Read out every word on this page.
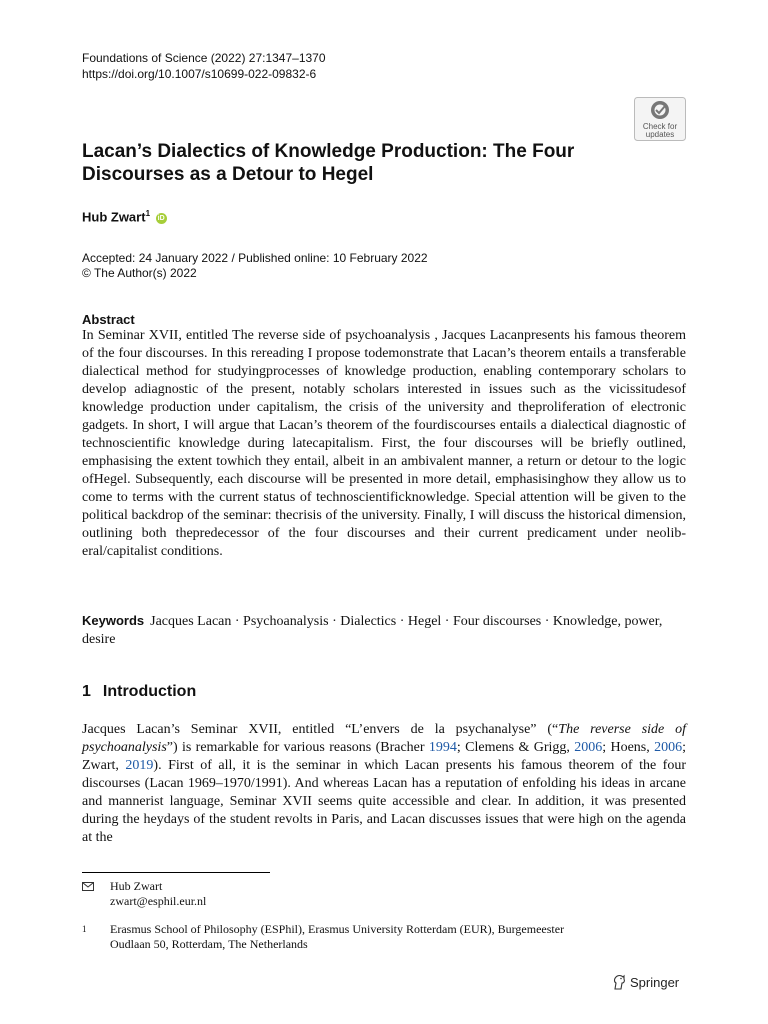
Foundations of Science (2022) 27:1347–1370
https://doi.org/10.1007/s10699-022-09832-6
Check for
updates
Lacan’s Dialectics of Knowledge Production: The Four
Discourses as a Detour to Hegel
Hub Zwart$^1$ iD
Accepted: 24 January 2022 / Published online: 10 February 2022
© The Author(s) 2022
Abstract

In Seminar XVII, entitled The reverse side of psychoanalysis , Jacques Lacanpresents his famous theorem of the four discourses. In this rereading I propose todemonstrate that Lacan’s theorem entails a transferable dialectical method for studyingprocesses of knowledge production, enabling contemporary scholars to develop adiagnostic of the present, notably scholars interested in issues such as the vicissitudesof knowledge production under capitalism, the crisis of the university and theproliferation of electronic gadgets. In short, I will argue that Lacan’s theorem of the fourdiscourses entails a dialectical diagnostic of technoscientific knowledge during latecapitalism. First, the four discourses will be briefly outlined, emphasising the extent towhich they entail, albeit in an ambivalent manner, a return or detour to the logic ofHegel. Subsequently, each discourse will be presented in more detail, emphasisinghow they allow us to come to terms with the current status of technoscientificknowledge. Special attention will be given to the political backdrop of the seminar: thecrisis of the university. Finally, I will discuss the historical dimension, outlining both thepredecessor of the four discourses and their current predicament under neoliberal/capitalist conditions.

Keywords Jacques Lacan · Psychoanalysis · Dialectics · Hegel · Four discourses · Knowledge, power, desire
1 Introduction

Jacques Lacan’s Seminar XVII, entitled “L’envers de la psychanalyse” (“The reverse side of psychoanalysis”) is remarkable for various reasons (Bracher 1994; Clemens & Grigg, 2006; Hoens, 2006; Zwart, 2019). First of all, it is the seminar in which Lacan presents his famous theorem of the four discourses (Lacan 1969–1970/1991). And whereas Lacan has a reputation of enfolding his ideas in arcane and mannerist language, Seminar XVII seems quite accessible and clear. In addition, it was presented during the heydays of the student revolts in Paris, and Lacan discusses issues that were high on the agenda at the

Hub Zwart
zwart@esphil.eur.nl
1 Erasmus School of Philosophy (ESPhil), Erasmus University Rotterdam (EUR), Burgemeester
Oudlaan 50, Rotterdam, The Netherlands
Springer
